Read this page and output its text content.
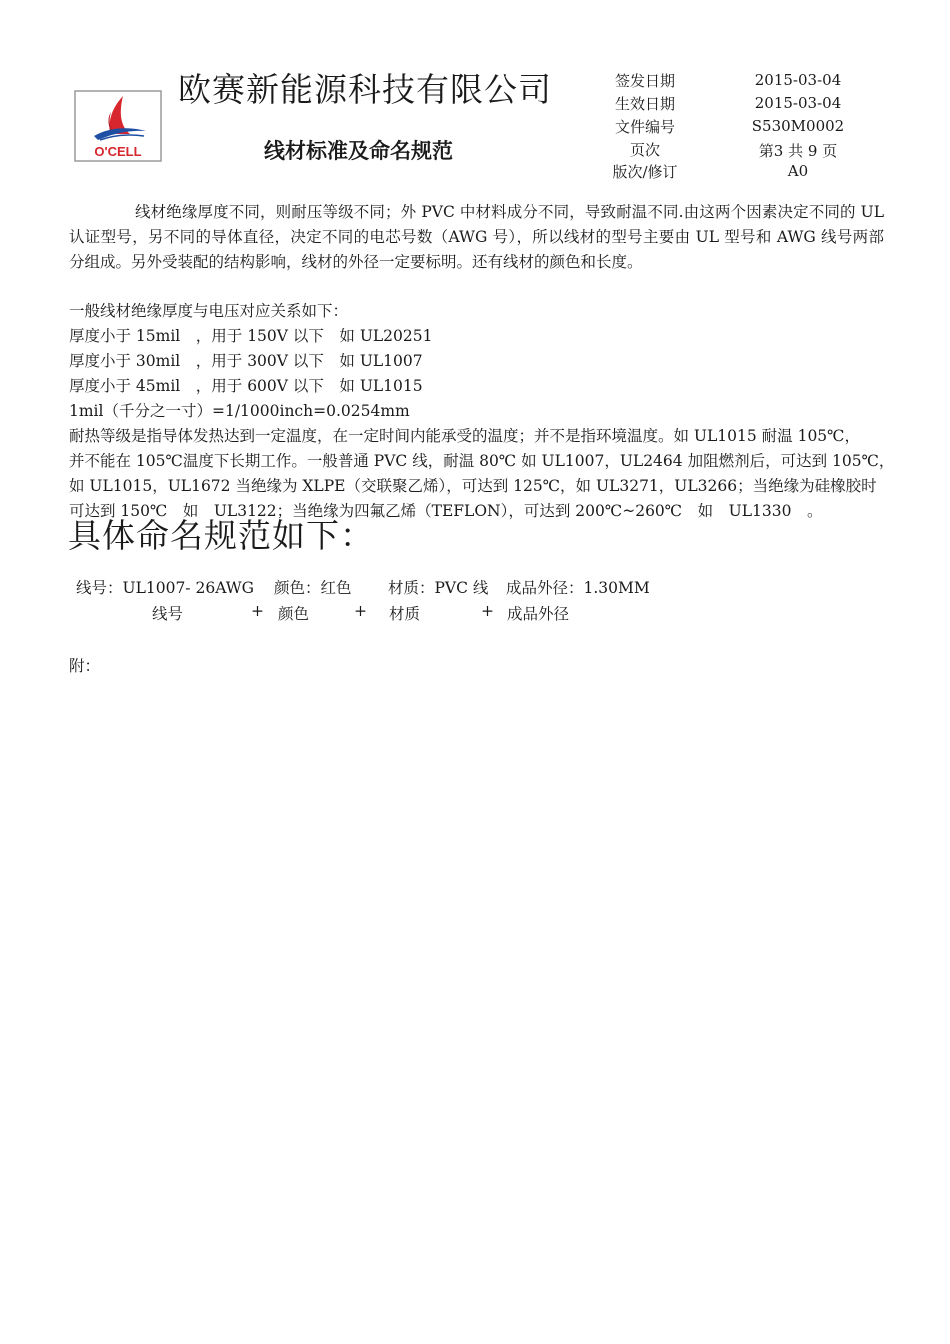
O'CELL
欧赛新能源科技有限公司
线材标准及命名规范
签发日期	2015-03-04
生效日期	2015-03-04
文件编号	S530M0002
页次	第3 共 9 页
版次/修订	A0
线材绝缘厚度不同，则耐压等级不同；外 PVC 中材料成分不同，导致耐温不同.由这两个因素决定不同的 UL 认证型号，另不同的导体直径，决定不同的电芯号数（AWG 号），所以线材的型号主要由 UL 型号和 AWG 线号两部分组成。另外受装配的结构影响，线材的外径一定要标明。还有线材的颜色和长度。
一般线材绝缘厚度与电压对应关系如下：
厚度小于 15mil　，用于 150V 以下　如 UL20251
厚度小于 30mil　，用于 300V 以下　如 UL1007
厚度小于 45mil　，用于 600V 以下　如 UL1015
1mil（千分之一寸）=1/1000inch=0.0254mm
耐热等级是指导体发热达到一定温度，在一定时间内能承受的温度；并不是指环境温度。如 UL1015 耐温 105℃，
并不能在 105℃温度下长期工作。一般普通 PVC 线，耐温 80℃ 如 UL1007，UL2464 加阻燃剂后，可达到 105℃，
如 UL1015，UL1672 当绝缘为 XLPE（交联聚乙烯），可达到 125℃，如 UL3271，UL3266；当绝缘为硅橡胶时
可达到 150℃　如　UL3122；当绝缘为四氟乙烯（TEFLON），可达到 200℃~260℃　如　UL1330　。
具体命名规范如下：
线号：UL1007- 26AWG 颜色：红色 材质：PVC 线 成品外径：1.30MM
线号	+ 颜色	+ 材质	+ 成品外径
附：
